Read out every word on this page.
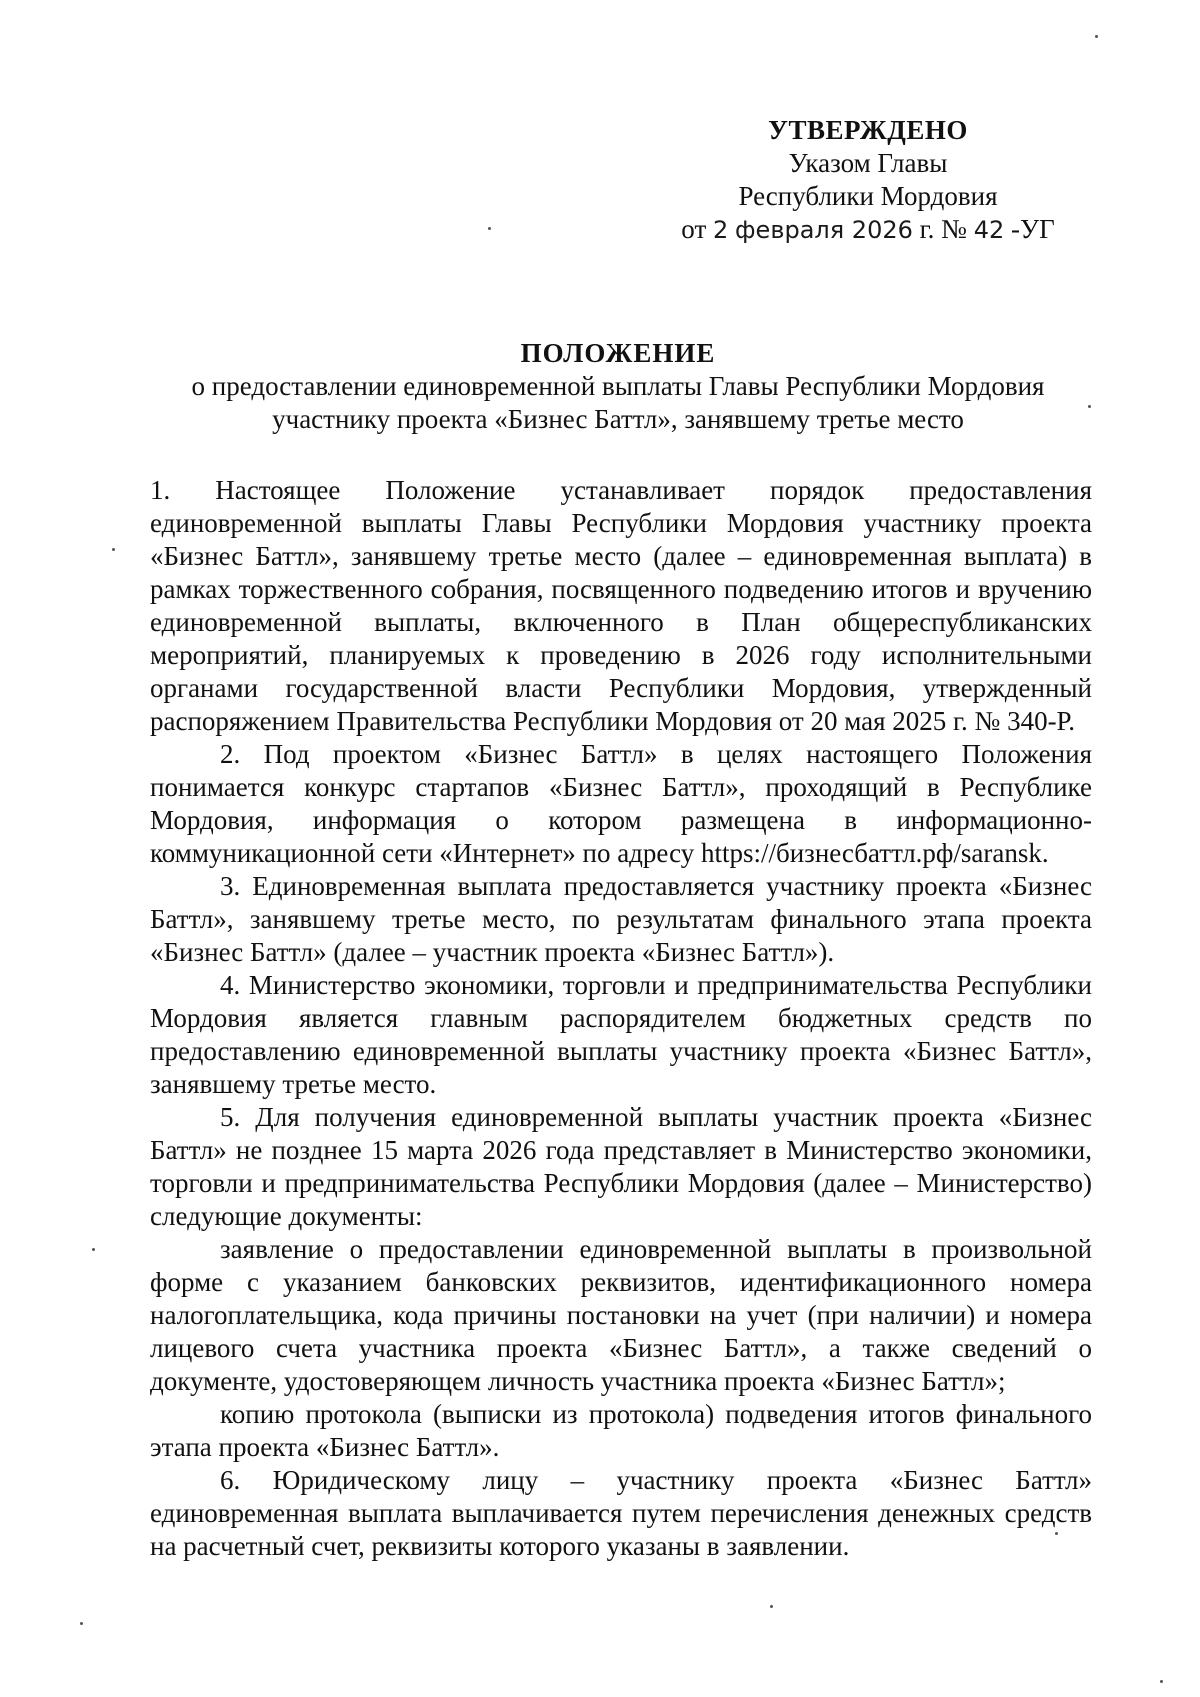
УТВЕРЖДЕНО
Указом Главы
Республики Мордовия
от 2 февраля 2026 г. № 42 -УГ
ПОЛОЖЕНИЕ
о предоставлении единовременной выплаты Главы Республики Мордовия
участнику проекта «Бизнес Баттл», занявшему третье место

1. Настоящее Положение устанавливает порядок предоставления единовременной выплаты Главы Республики Мордовия участнику проекта «Бизнес Баттл», занявшему третье место (далее – единовременная выплата) в рамках торжественного собрания, посвященного подведению итогов и вручению единовременной выплаты, включенного в План общереспубликанских мероприятий, планируемых к проведению в 2026 году исполнительными органами государственной власти Республики Мордовия, утвержденный распоряжением Правительства Республики Мордовия от 20 мая 2025 г. № 340-Р.

2. Под проектом «Бизнес Баттл» в целях настоящего Положения понимается конкурс стартапов «Бизнес Баттл», проходящий в Республике Мордовия, информация о котором размещена в информационно-коммуникационной сети «Интернет» по адресу https://бизнесбаттл.рф/saransk.

3. Единовременная выплата предоставляется участнику проекта «Бизнес Баттл», занявшему третье место, по результатам финального этапа проекта «Бизнес Баттл» (далее – участник проекта «Бизнес Баттл»).

4. Министерство экономики, торговли и предпринимательства Республики Мордовия является главным распорядителем бюджетных средств по предоставлению единовременной выплаты участнику проекта «Бизнес Баттл», занявшему третье место.

5. Для получения единовременной выплаты участник проекта «Бизнес Баттл» не позднее 15 марта 2026 года представляет в Министерство экономики, торговли и предпринимательства Республики Мордовия (далее – Министерство) следующие документы:

заявление о предоставлении единовременной выплаты в произвольной форме с указанием банковских реквизитов, идентификационного номера налогоплательщика, кода причины постановки на учет (при наличии) и номера лицевого счета участника проекта «Бизнес Баттл», а также сведений о документе, удостоверяющем личность участника проекта «Бизнес Баттл»;

копию протокола (выписки из протокола) подведения итогов финального этапа проекта «Бизнес Баттл».

6. Юридическому лицу – участнику проекта «Бизнес Баттл» единовременная выплата выплачивается путем перечисления денежных средств на расчетный счет, реквизиты которого указаны в заявлении.
